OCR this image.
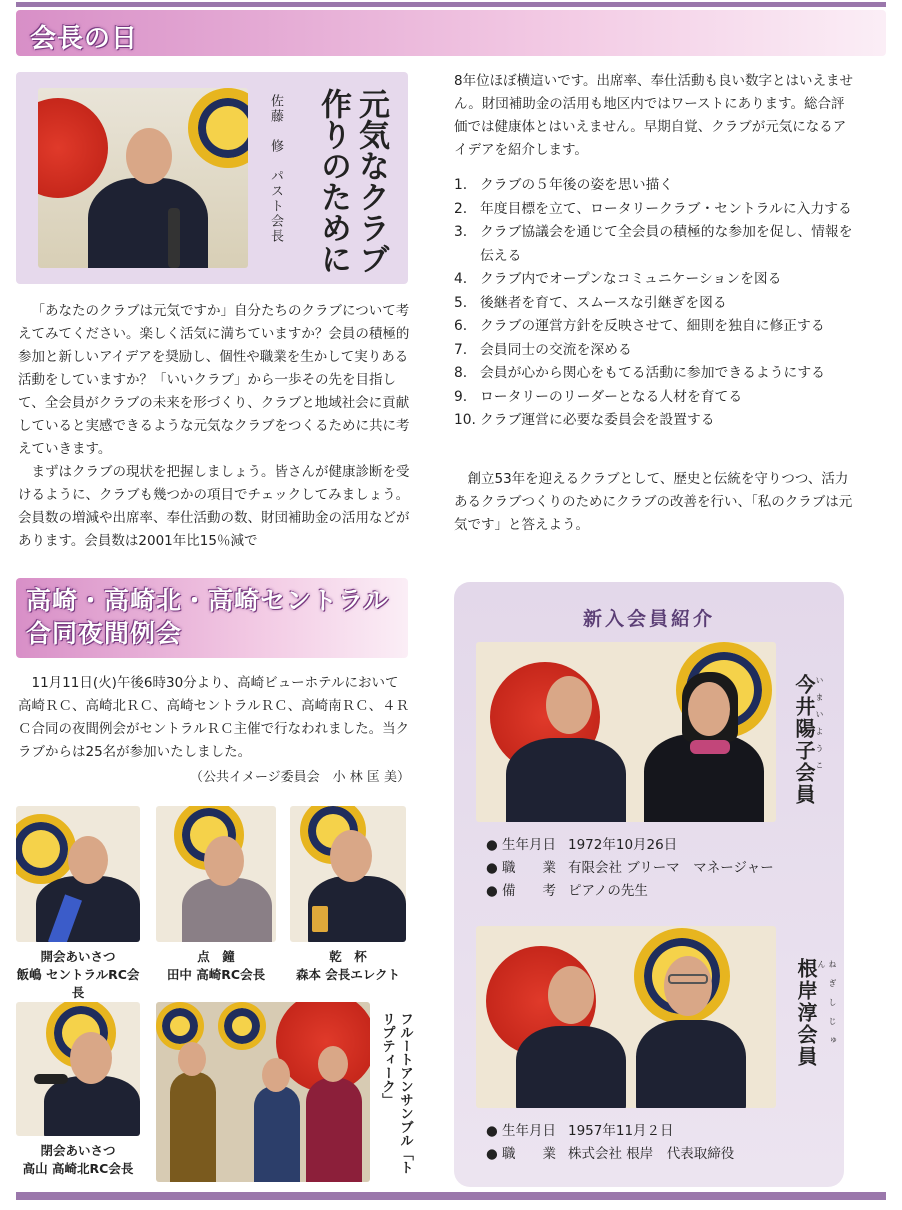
会長の日
佐藤　修　パスト会長	元気なクラブ作りのために

「あなたのクラブは元気ですか」自分たちのクラブについて考えてみてください。楽しく活気に満ちていますか？会員の積極的参加と新しいアイデアを奨励し、個性や職業を生かして実りある活動をしていますか？「いいクラブ」から一歩その先を目指して、全会員がクラブの未来を形づくり、クラブと地域社会に貢献していると実感できるような元気なクラブをつくるために共に考えていきます。

まずはクラブの現状を把握しましょう。皆さんが健康診断を受けるように、クラブも幾つかの項目でチェックしてみましょう。会員数の増減や出席率、奉仕活動の数、財団補助金の活用などがあります。会員数は2001年比15％減で

8年位ほぼ横這いです。出席率、奉仕活動も良い数字とはいえません。財団補助金の活用も地区内ではワーストにあります。総合評価では健康体とはいえません。早期自覚、クラブが元気になるアイデアを紹介します。

1. クラブの５年後の姿を思い描く
2. 年度目標を立て、ロータリークラブ・セントラルに入力する
3. クラブ協議会を通じて全会員の積極的な参加を促し、情報を伝える
4. クラブ内でオープンなコミュニケーションを図る
5. 後継者を育て、スムースな引継ぎを図る
6. クラブの運営方針を反映させて、細則を独自に修正する
7. 会員同士の交流を深める
8. 会員が心から関心をもてる活動に参加できるようにする
9. ロータリーのリーダーとなる人材を育てる
10. クラブ運営に必要な委員会を設置する

創立53年を迎えるクラブとして、歴史と伝統を守りつつ、活力あるクラブつくりのためにクラブの改善を行い、「私のクラブは元気です」と答えよう。

高崎・高崎北・高崎セントラル
合同夜間例会

11月11日(火)午後6時30分より、高崎ビューホテルにおいて高崎ＲＣ、高崎北ＲＣ、高崎セントラルＲＣ、高崎南ＲＣ、４ＲＣ合同の夜間例会がセントラルＲＣ主催で行なわれました。当クラブからは25名が参加いたしました。

（公共イメージ委員会　小 林 匡 美）
開会あいさつ
飯嶋 セントラルRC会長
点　鐘
田中 高崎RC会長
乾　杯
森本 会長エレクト
閉会あいさつ
高山 高崎北RC会長	フルートアンサンブル「トリプティーク」
新入会員紹介
今井陽子会員 いまいようこ
● 生年月日 1972年10月26日
● 職　　業 有限会社 ブリーマ　マネージャー
● 備　　考 ピアノの先生
根岸淳会員	ねぎしじゅん
● 生年月日 1957年11月２日
● 職　　業 株式会社 根岸　代表取締役
